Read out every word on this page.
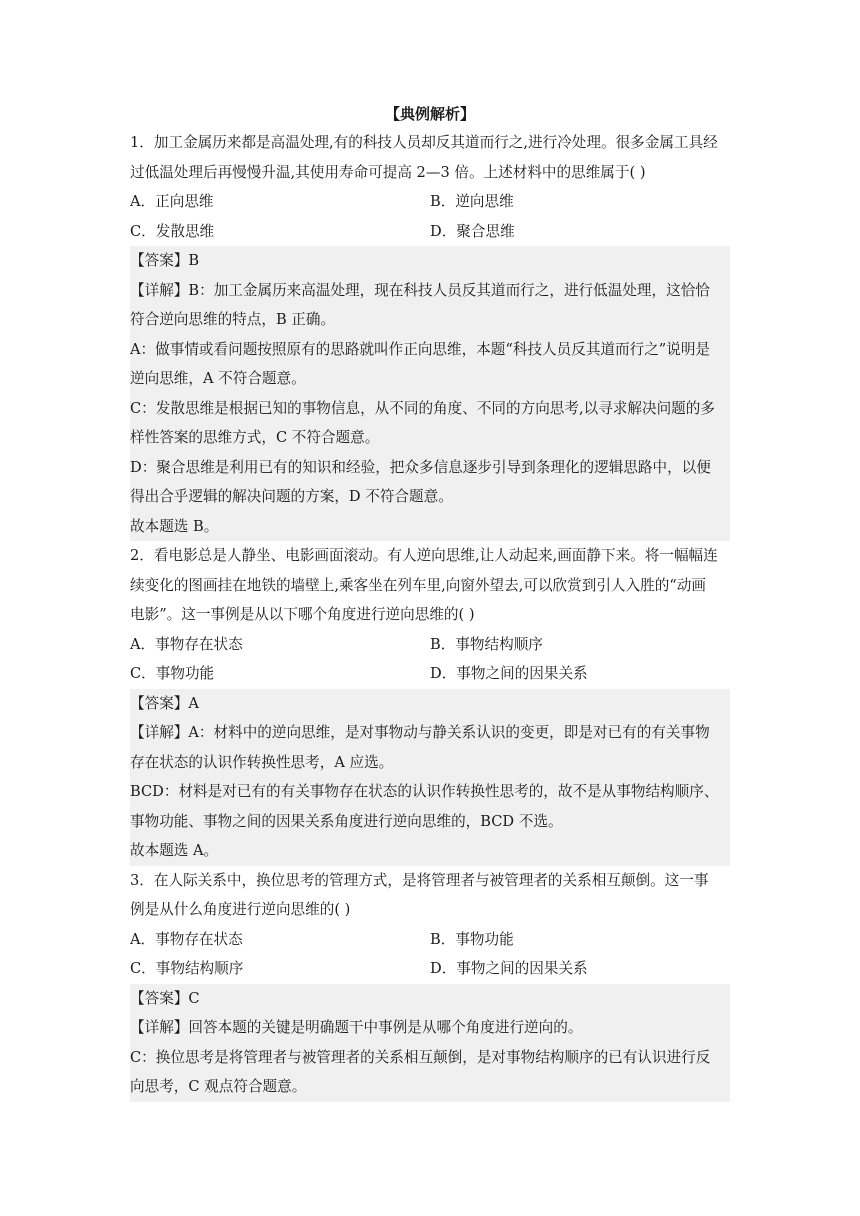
【典例解析】
1．加工金属历来都是高温处理,有的科技人员却反其道而行之,进行冷处理。很多金属工具经
过低温处理后再慢慢升温,其使用寿命可提高 2—3 倍。上述材料中的思维属于( )
A．正向思维	B．逆向思维
C．发散思维	D．聚合思维
【答案】B
【详解】B：加工金属历来高温处理，现在科技人员反其道而行之，进行低温处理，这恰恰
符合逆向思维的特点，B 正确。
A：做事情或看问题按照原有的思路就叫作正向思维，本题“科技人员反其道而行之”说明是
逆向思维，A 不符合题意。
C：发散思维是根据已知的事物信息，从不同的角度、不同的方向思考,以寻求解决问题的多
样性答案的思维方式，C 不符合题意。
D：聚合思维是利用已有的知识和经验，把众多信息逐步引导到条理化的逻辑思路中，以便
得出合乎逻辑的解决问题的方案，D 不符合题意。
故本题选 B。
2．看电影总是人静坐、电影画面滚动。有人逆向思维,让人动起来,画面静下来。将一幅幅连
续变化的图画挂在地铁的墙壁上,乘客坐在列车里,向窗外望去,可以欣赏到引人入胜的“动画
电影”。这一事例是从以下哪个角度进行逆向思维的( )
A．事物存在状态	B．事物结构顺序
C．事物功能	D．事物之间的因果关系
【答案】A
【详解】A：材料中的逆向思维，是对事物动与静关系认识的变更，即是对已有的有关事物
存在状态的认识作转换性思考，A 应选。
BCD：材料是对已有的有关事物存在状态的认识作转换性思考的，故不是从事物结构顺序、
事物功能、事物之间的因果关系角度进行逆向思维的，BCD 不选。
故本题选 A。
3．在人际关系中，换位思考的管理方式，是将管理者与被管理者的关系相互颠倒。这一事
例是从什么角度进行逆向思维的( )
A．事物存在状态	B．事物功能
C．事物结构顺序	D．事物之间的因果关系
【答案】C
【详解】回答本题的关键是明确题干中事例是从哪个角度进行逆向的。
C：换位思考是将管理者与被管理者的关系相互颠倒，是对事物结构顺序的已有认识进行反
向思考，C 观点符合题意。
